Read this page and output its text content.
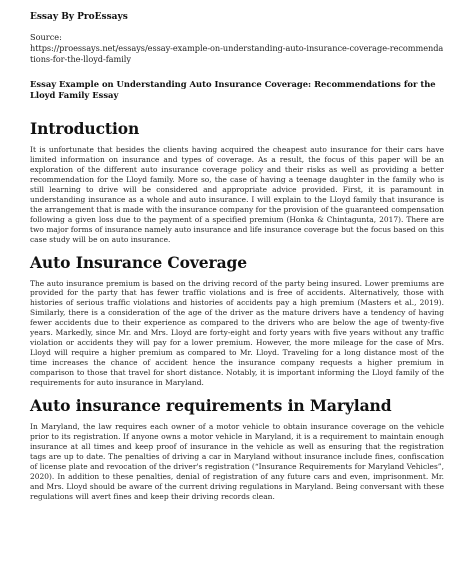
Essay By ProEssays
Source:
https://proessays.net/essays/essay-example-on-understanding-auto-insurance-coverage-recommendations-for-the-lloyd-family
Essay Example on Understanding Auto Insurance Coverage: Recommendations for the Lloyd Family Essay
Introduction

It is unfortunate that besides the clients having acquired the cheapest auto insurance for their cars have limited information on insurance and types of coverage. As a result, the focus of this paper will be an exploration of the different auto insurance coverage policy and their risks as well as providing a better recommendation for the Lloyd family. More so, the case of having a teenage daughter in the family who is still learning to drive will be considered and appropriate advice provided. First, it is paramount in understanding insurance as a whole and auto insurance. I will explain to the Lloyd family that insurance is the arrangement that is made with the insurance company for the provision of the guaranteed compensation following a given loss due to the payment of a specified premium (Honka & Chintagunta, 2017). There are two major forms of insurance namely auto insurance and life insurance coverage but the focus based on this case study will be on auto insurance.

Auto Insurance Coverage

The auto insurance premium is based on the driving record of the party being insured. Lower premiums are provided for the party that has fewer traffic violations and is free of accidents. Alternatively, those with histories of serious traffic violations and histories of accidents pay a high premium (Masters et al., 2019). Similarly, there is a consideration of the age of the driver as the mature drivers have a tendency of having fewer accidents due to their experience as compared to the drivers who are below the age of twenty-five years. Markedly, since Mr. and Mrs. Lloyd are forty-eight and forty years with five years without any traffic violation or accidents they will pay for a lower premium. However, the more mileage for the case of Mrs. Lloyd will require a higher premium as compared to Mr. Lloyd. Traveling for a long distance most of the time increases the chance of accident hence the insurance company requests a higher premium in comparison to those that travel for short distance. Notably, it is important informing the Lloyd family of the requirements for auto insurance in Maryland.

Auto insurance requirements in Maryland

In Maryland, the law requires each owner of a motor vehicle to obtain insurance coverage on the vehicle prior to its registration. If anyone owns a motor vehicle in Maryland, it is a requirement to maintain enough insurance at all times and keep proof of insurance in the vehicle as well as ensuring that the registration tags are up to date. The penalties of driving a car in Maryland without insurance include fines, confiscation of license plate and revocation of the driver's registration (“Insurance Requirements for Maryland Vehicles”, 2020). In addition to these penalties, denial of registration of any future cars and even, imprisonment. Mr. and Mrs. Lloyd should be aware of the current driving regulations in Maryland. Being conversant with these regulations will avert fines and keep their driving records clean.
